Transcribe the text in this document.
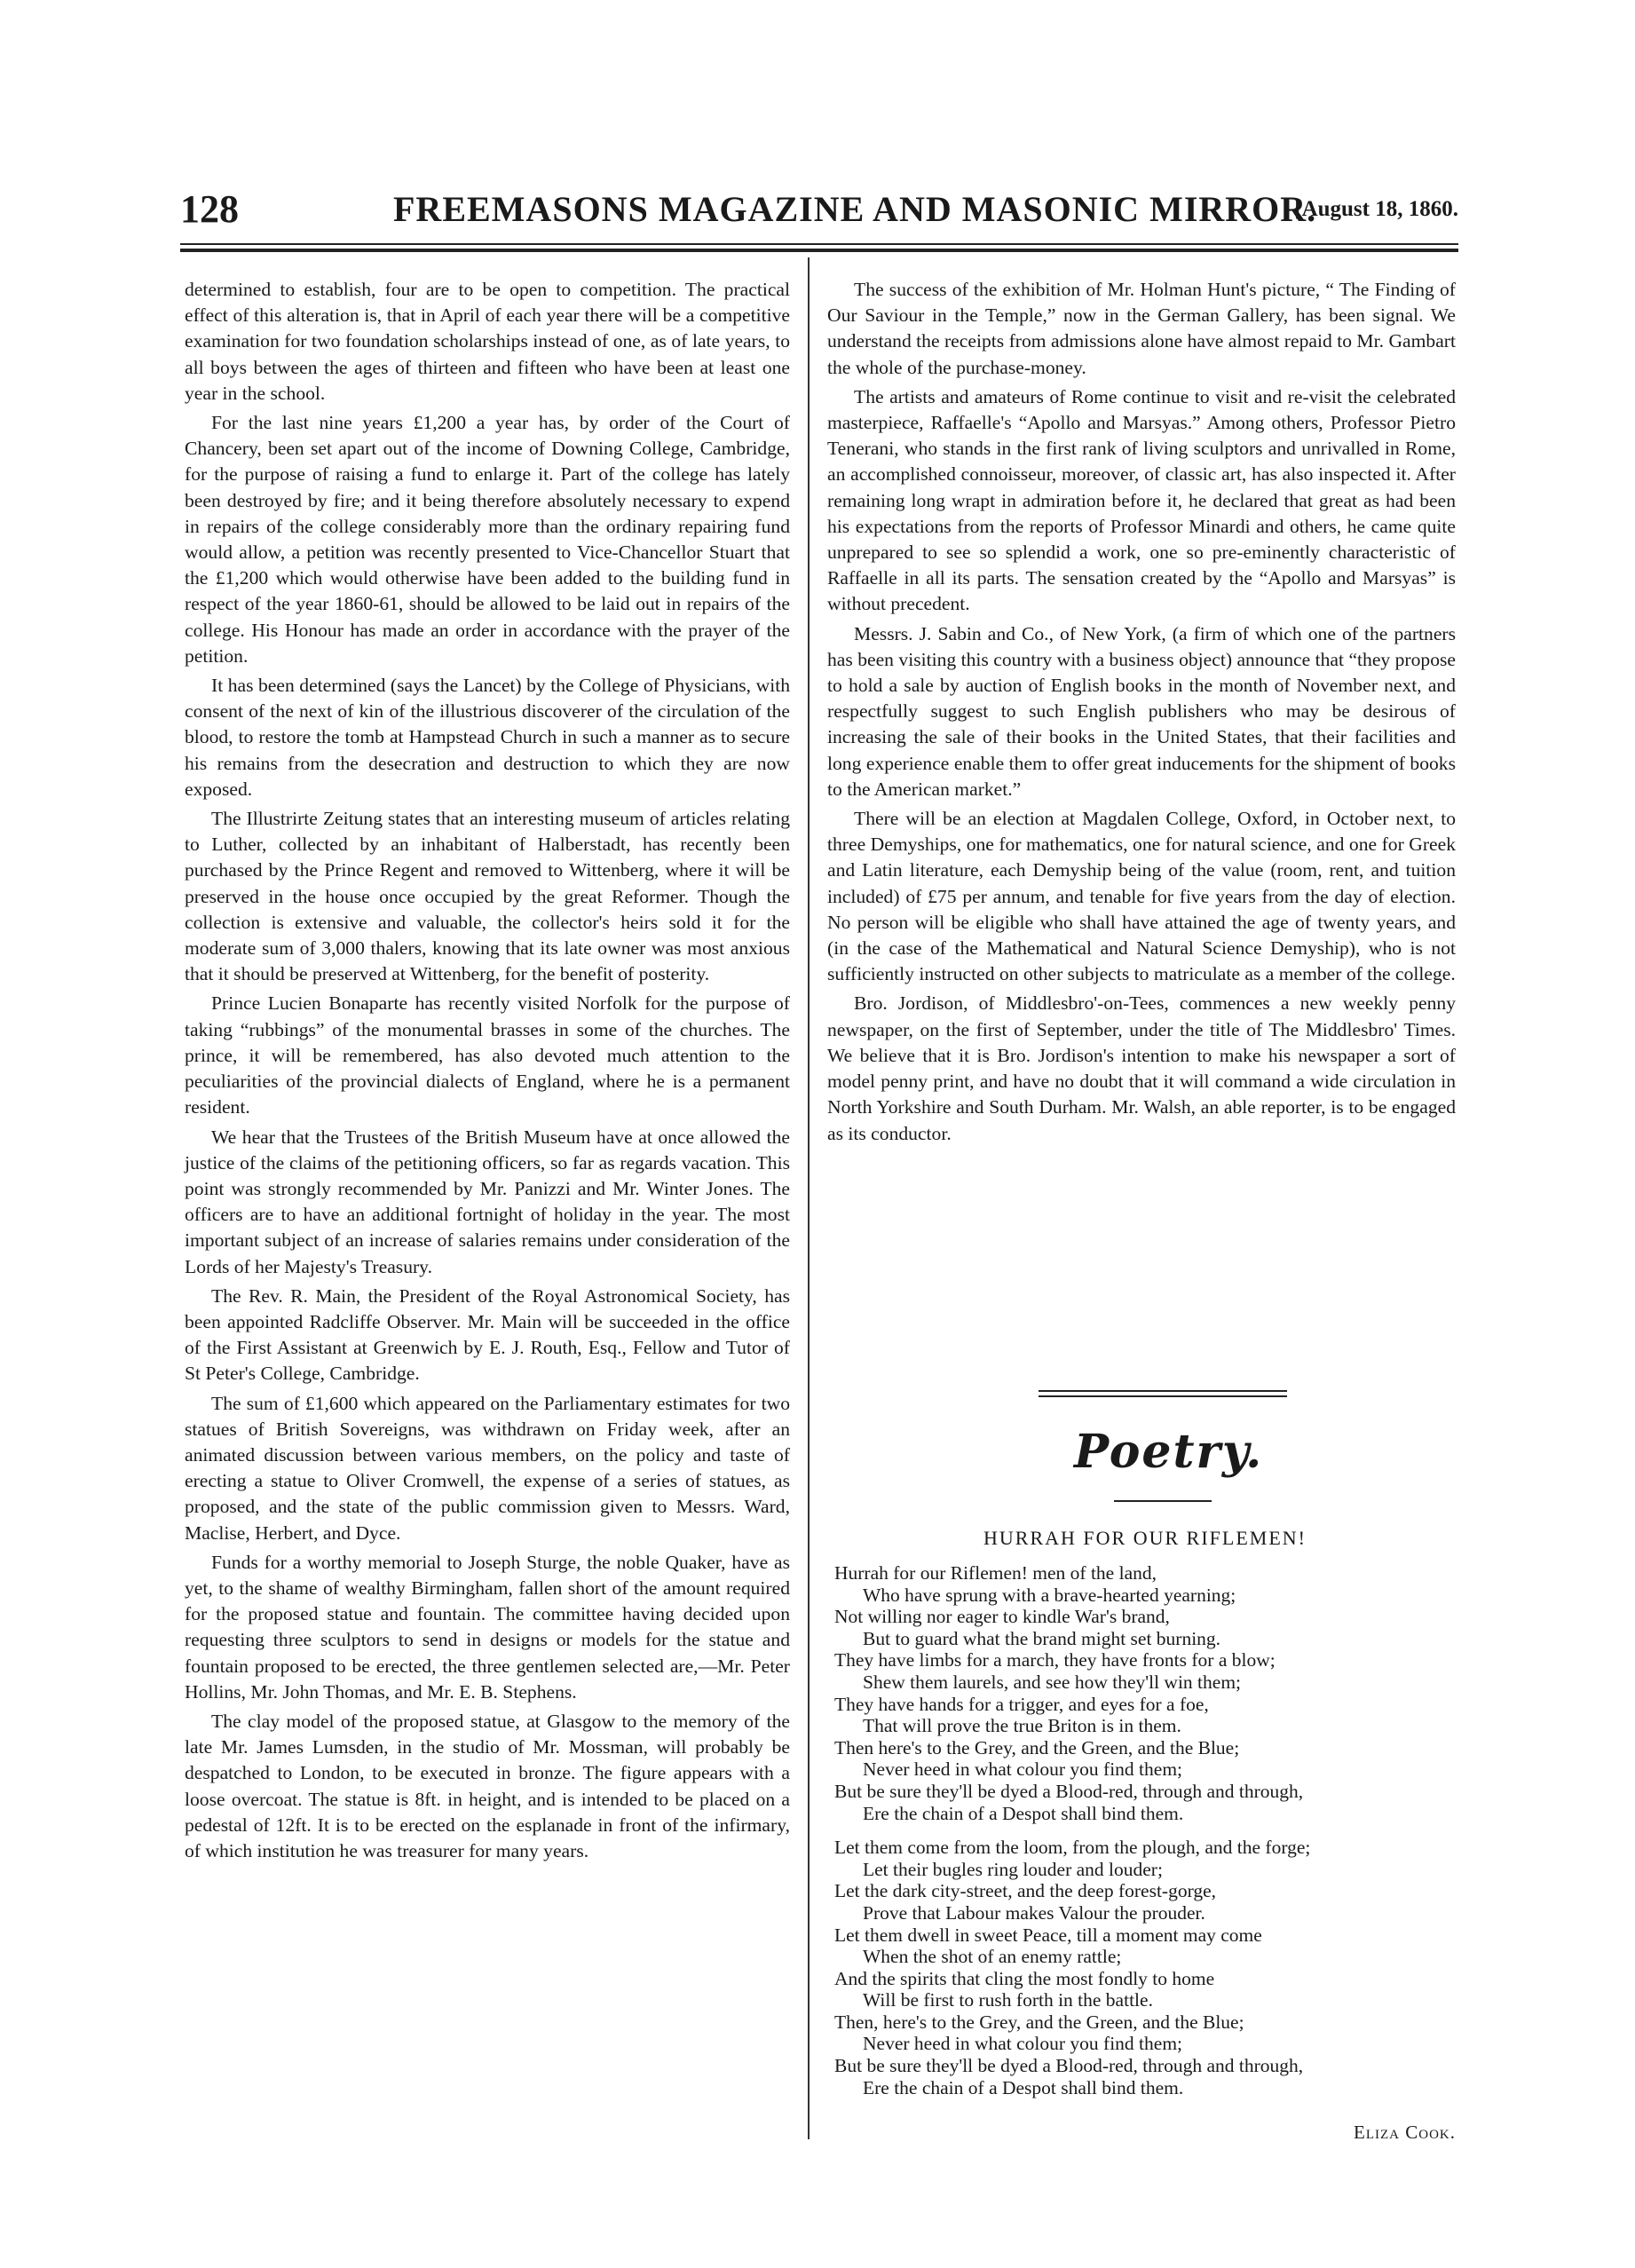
128	FREEMASONS MAGAZINE AND MASONIC MIRROR.
[August 18, 1860.

determined to establish, four are to be open to competition. The practical effect of this alteration is, that in April of each year there will be a competitive examination for two foundation scholarships instead of one, as of late years, to all boys between the ages of thirteen and fifteen who have been at least one year in the school.

For the last nine years £1,200 a year has, by order of the Court of Chancery, been set apart out of the income of Downing College, Cambridge, for the purpose of raising a fund to enlarge it. Part of the college has lately been destroyed by fire; and it being therefore absolutely necessary to expend in repairs of the college considerably more than the ordinary repairing fund would allow, a petition was recently presented to Vice-Chancellor Stuart that the £1,200 which would otherwise have been added to the building fund in respect of the year 1860-61, should be allowed to be laid out in repairs of the college. His Honour has made an order in accordance with the prayer of the petition.

It has been determined (says the Lancet) by the College of Physicians, with consent of the next of kin of the illustrious discoverer of the circulation of the blood, to restore the tomb at Hampstead Church in such a manner as to secure his remains from the desecration and destruction to which they are now exposed.

The Illustrirte Zeitung states that an interesting museum of articles relating to Luther, collected by an inhabitant of Halberstadt, has recently been purchased by the Prince Regent and removed to Wittenberg, where it will be preserved in the house once occupied by the great Reformer. Though the collection is extensive and valuable, the collector's heirs sold it for the moderate sum of 3,000 thalers, knowing that its late owner was most anxious that it should be preserved at Wittenberg, for the benefit of posterity.

Prince Lucien Bonaparte has recently visited Norfolk for the purpose of taking “rubbings” of the monumental brasses in some of the churches. The prince, it will be remembered, has also devoted much attention to the peculiarities of the provincial dialects of England, where he is a permanent resident.

We hear that the Trustees of the British Museum have at once allowed the justice of the claims of the petitioning officers, so far as regards vacation. This point was strongly recommended by Mr. Panizzi and Mr. Winter Jones. The officers are to have an additional fortnight of holiday in the year. The most important subject of an increase of salaries remains under consideration of the Lords of her Majesty's Treasury.

The Rev. R. Main, the President of the Royal Astronomical Society, has been appointed Radcliffe Observer. Mr. Main will be succeeded in the office of the First Assistant at Greenwich by E. J. Routh, Esq., Fellow and Tutor of St Peter's College, Cambridge.

The sum of £1,600 which appeared on the Parliamentary estimates for two statues of British Sovereigns, was withdrawn on Friday week, after an animated discussion between various members, on the policy and taste of erecting a statue to Oliver Cromwell, the expense of a series of statues, as proposed, and the state of the public commission given to Messrs. Ward, Maclise, Herbert, and Dyce.

Funds for a worthy memorial to Joseph Sturge, the noble Quaker, have as yet, to the shame of wealthy Birmingham, fallen short of the amount required for the proposed statue and fountain. The committee having decided upon requesting three sculptors to send in designs or models for the statue and fountain proposed to be erected, the three gentlemen selected are,—Mr. Peter Hollins, Mr. John Thomas, and Mr. E. B. Stephens.

The clay model of the proposed statue, at Glasgow to the memory of the late Mr. James Lumsden, in the studio of Mr. Mossman, will probably be despatched to London, to be executed in bronze. The figure appears with a loose overcoat. The statue is 8ft. in height, and is intended to be placed on a pedestal of 12ft. It is to be erected on the esplanade in front of the infirmary, of which institution he was treasurer for many years.

The success of the exhibition of Mr. Holman Hunt's picture, “ The Finding of Our Saviour in the Temple,” now in the German Gallery, has been signal. We understand the receipts from admissions alone have almost repaid to Mr. Gambart the whole of the purchase-money.

The artists and amateurs of Rome continue to visit and re-visit the celebrated masterpiece, Raffaelle's “Apollo and Marsyas.” Among others, Professor Pietro Tenerani, who stands in the first rank of living sculptors and unrivalled in Rome, an accomplished connoisseur, moreover, of classic art, has also inspected it. After remaining long wrapt in admiration before it, he declared that great as had been his expectations from the reports of Professor Minardi and others, he came quite unprepared to see so splendid a work, one so pre-eminently characteristic of Raffaelle in all its parts. The sensation created by the “Apollo and Marsyas” is without precedent.

Messrs. J. Sabin and Co., of New York, (a firm of which one of the partners has been visiting this country with a business object) announce that “they propose to hold a sale by auction of English books in the month of November next, and respectfully suggest to such English publishers who may be desirous of increasing the sale of their books in the United States, that their facilities and long experience enable them to offer great inducements for the shipment of books to the American market.”

There will be an election at Magdalen College, Oxford, in October next, to three Demyships, one for mathematics, one for natural science, and one for Greek and Latin literature, each Demyship being of the value (room, rent, and tuition included) of £75 per annum, and tenable for five years from the day of election. No person will be eligible who shall have attained the age of twenty years, and (in the case of the Mathematical and Natural Science Demyship), who is not sufficiently instructed on other subjects to matriculate as a member of the college.

Bro. Jordison, of Middlesbro'-on-Tees, commences a new weekly penny newspaper, on the first of September, under the title of The Middlesbro' Times. We believe that it is Bro. Jordison's intention to make his newspaper a sort of model penny print, and have no doubt that it will command a wide circulation in North Yorkshire and South Durham. Mr. Walsh, an able reporter, is to be engaged as its conductor.

Poetry.
HURRAH FOR OUR RIFLEMEN!
Hurrah for our Riflemen! men of the land,
Who have sprung with a brave-hearted yearning;
Not willing nor eager to kindle War's brand,
But to guard what the brand might set burning.
They have limbs for a march, they have fronts for a blow;
Shew them laurels, and see how they'll win them;
They have hands for a trigger, and eyes for a foe,
That will prove the true Briton is in them.
Then here's to the Grey, and the Green, and the Blue;
Never heed in what colour you find them;
But be sure they'll be dyed a Blood-red, through and through,
Ere the chain of a Despot shall bind them.
Let them come from the loom, from the plough, and the forge;
Let their bugles ring louder and louder;
Let the dark city-street, and the deep forest-gorge,
Prove that Labour makes Valour the prouder.
Let them dwell in sweet Peace, till a moment may come
When the shot of an enemy rattle;
And the spirits that cling the most fondly to home
Will be first to rush forth in the battle.
Then, here's to the Grey, and the Green, and the Blue;
Never heed in what colour you find them;
But be sure they'll be dyed a Blood-red, through and through,
Ere the chain of a Despot shall bind them.
Eliza Cook.
